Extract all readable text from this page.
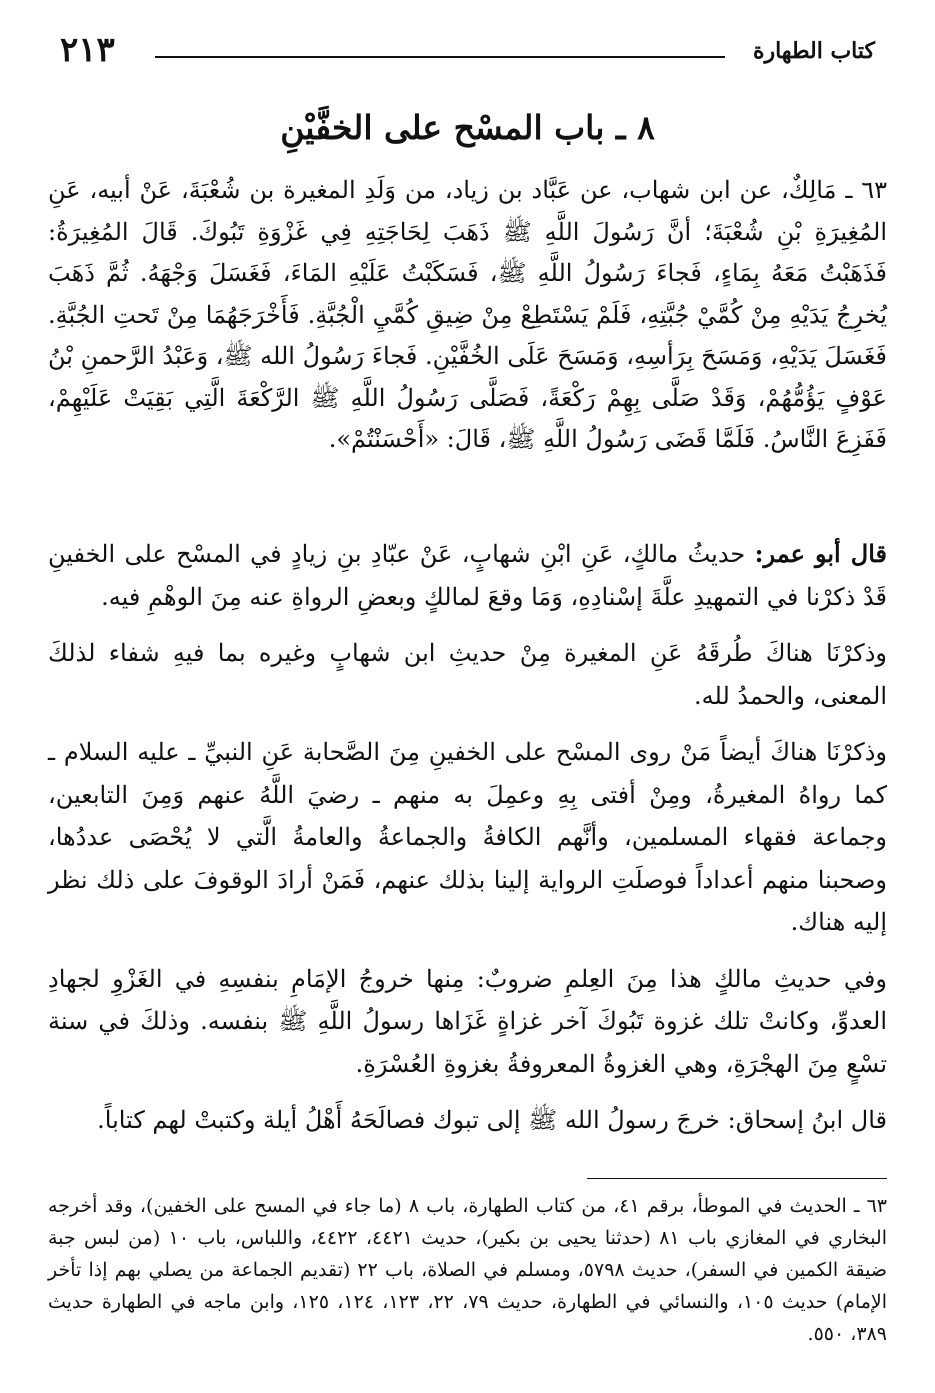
كتاب الطهارة
٢١٣
٨ ـ باب المسْح على الخفَّيْنِ
٦٣ ـ مَالِكٌ، عن ابن شهاب، عن عَبَّاد بن زياد، من وَلَدِ المغيرة بن شُعْبَةَ، عَنْ أبيه، عَنِ المُغِيرَةِ بْنِ شُعْبَةَ؛ أنَّ رَسُولَ اللَّهِ ﷺ ذَهَبَ لِحَاجَتِهِ فِي غَزْوَةِ تَبُوكَ. قَالَ المُغِيرَةُ: فَذَهَبْتُ مَعَهُ بِمَاءٍ، فَجاءَ رَسُولُ اللَّهِ ﷺ، فَسَكَبْتُ عَلَيْهِ المَاءَ، فَغَسَلَ وَجْهَهُ. ثُمَّ ذَهَبَ يُخرِجُ يَدَيْهِ مِنْ كُمَّيْ جُبَّتِهِ، فَلَمْ يَسْتَطِعْ مِنْ ضِيقِ كُمَّيِ الْجُبَّةِ. فَأَخْرَجَهُمَا مِنْ تَحتِ الجُبَّةِ. فَغَسَلَ يَدَيْهِ، وَمَسَحَ بِرَأسِهِ، وَمَسَحَ عَلَى الخُفَّيْنِ. فَجاءَ رَسُولُ الله ﷺ، وَعَبْدُ الرَّحمنِ بْنُ عَوْفٍ يَؤُمُّهُمْ، وَقَدْ صَلَّى بِهِمْ رَكْعَةً، فَصَلَّى رَسُولُ اللَّهِ ﷺ الرَّكْعَةَ الَّتِي بَقِيَتْ عَلَيْهِمْ، فَفَزِعَ النَّاسُ. فَلَمَّا قَضَى رَسُولُ اللَّهِ ﷺ، قَالَ: «أَحْسَنْتُمْ».

قال أبو عمر: حديثُ مالكٍ، عَنِ ابْنِ شهابٍ، عَنْ عبّادِ بنِ زيادٍ في المسْح على الخفينِ قَدْ ذكرْنا في التمهيدِ علَّةَ إسْنادِهِ، وَمَا وقعَ لمالكٍ وبعضِ الرواةِ عنه مِنَ الوهْمِ فيه.

وذكرْنَا هناكَ طُرقَهُ عَنِ المغيرة مِنْ حديثِ ابن شهابٍ وغيره بما فيهِ شفاء لذلكَ المعنى، والحمدُ لله.

وذكرْنَا هناكَ أيضاً مَنْ روى المسْح على الخفينِ مِنَ الصَّحابة عَنِ النبيِّ ـ عليه السلام ـ كما رواهُ المغيرةُ، ومِنْ أفتى بِهِ وعمِلَ به منهم ـ رضيَ اللَّهُ عنهم وَمِنَ التابعين، وجماعة فقهاء المسلمين، وأنَّهم الكافةُ والجماعةُ والعامةُ الَّتي لا يُحْصَى عددُها، وصحبنا منهم أعداداً فوصلَتِ الرواية إلينا بذلك عنهم، فَمَنْ أرادَ الوقوفَ على ذلك نظر إليه هناك.

وفي حديثِ مالكٍ هذا مِنَ العِلمِ ضروبٌ: مِنها خروجُ الإمَامِ بنفسِهِ في الغَزْوِ لجهادِ العدوِّ، وكانتْ تلك غزوة تَبُوكَ آخر غزاةٍ غَزَاها رسولُ اللَّهِ ﷺ بنفسه. وذلكَ في سنة تسْعٍ مِنَ الهجْرَةِ، وهي الغزوةُ المعروفةُ بغزوةِ العُسْرَةِ.

قال ابنُ إسحاق: خرجَ رسولُ الله ﷺ إلى تبوك فصالَحَهُ أَهْلُ أيلة وكتبتْ لهم كتاباً.

٦٣ ـ الحديث في الموطأ، برقم ٤١، من كتاب الطهارة، باب ٨ (ما جاء في المسح على الخفين)، وقد أخرجه البخاري في المغازي باب ٨١ (حدثنا يحيى بن بكير)، حديث ٤٤٢١، ٤٤٢٢، واللباس، باب ١٠ (من لبس جبة ضيقة الكمين في السفر)، حديث ٥٧٩٨، ومسلم في الصلاة، باب ٢٢ (تقديم الجماعة من يصلي بهم إذا تأخر الإمام) حديث ١٠٥، والنسائي في الطهارة، حديث ٧٩، ٢٢، ١٢٣، ١٢٤، ١٢٥، وابن ماجه في الطهارة حديث ٣٨٩، ٥٥٠.
